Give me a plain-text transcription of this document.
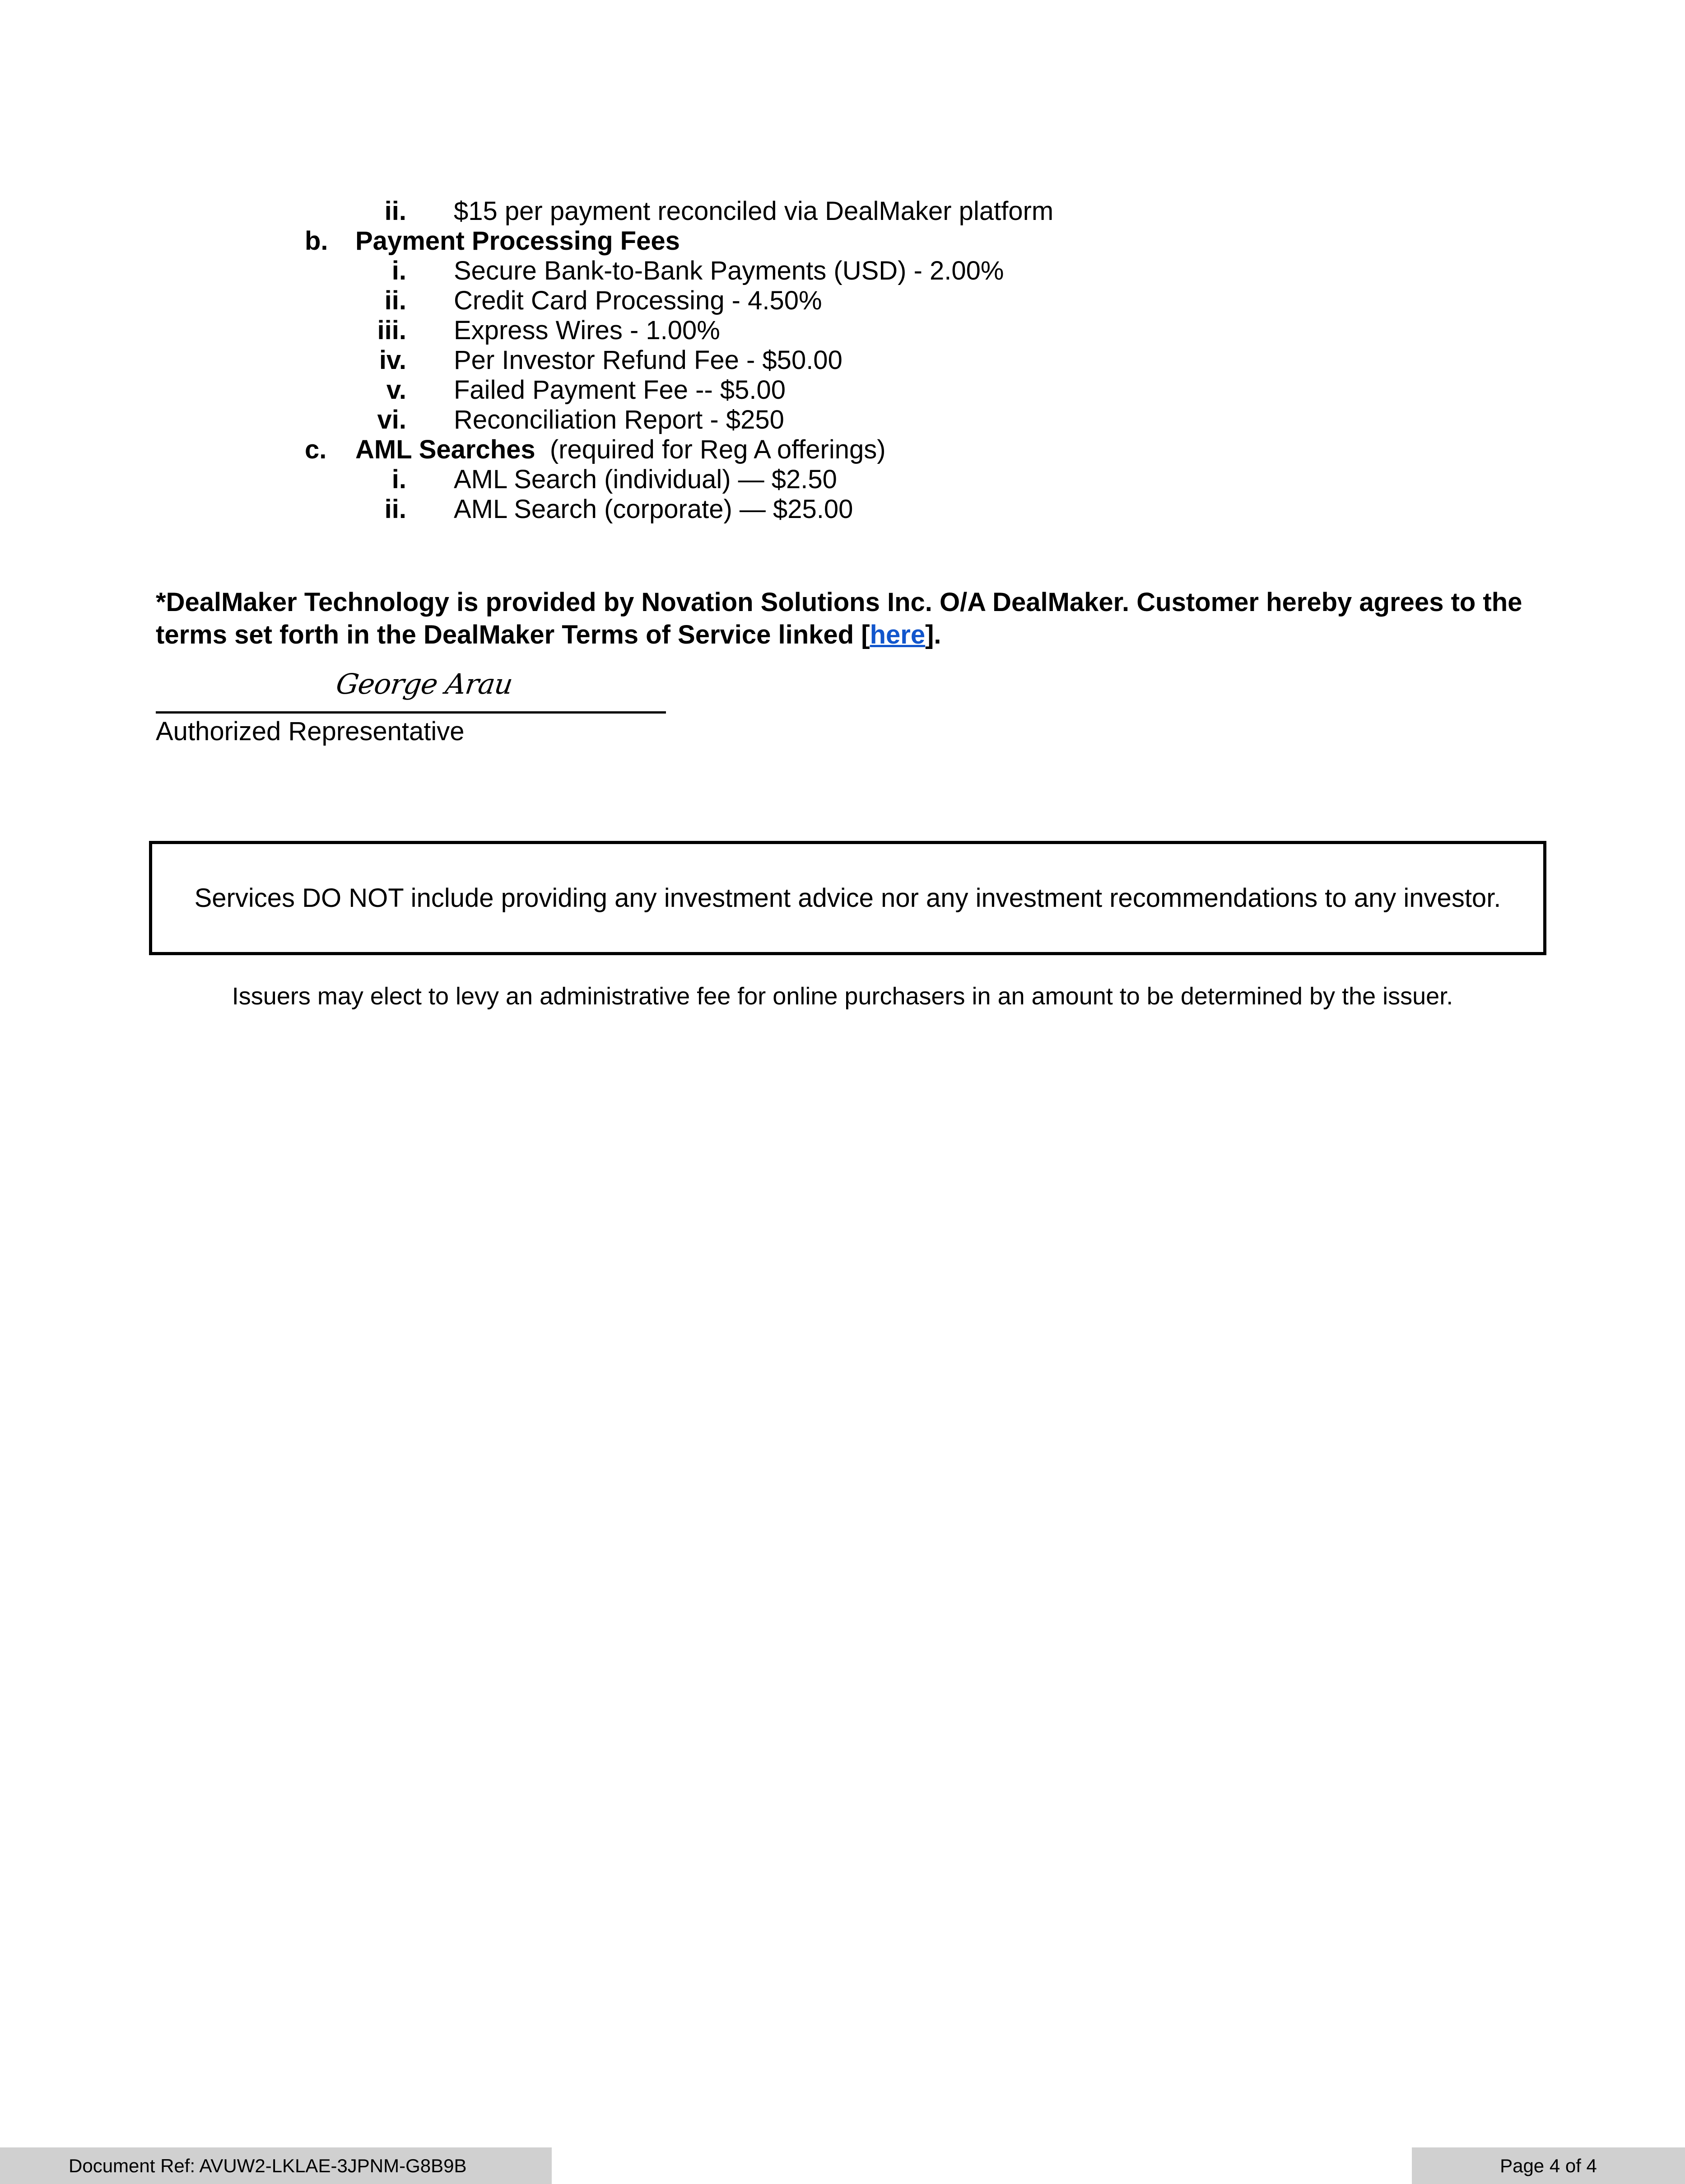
ii. $15 per payment reconciled via DealMaker platform
b. Payment Processing Fees
i. Secure Bank-to-Bank Payments (USD) - 2.00%
ii. Credit Card Processing - 4.50%
iii. Express Wires - 1.00%
iv. Per Investor Refund Fee - $50.00
v. Failed Payment Fee -- $5.00
vi. Reconciliation Report - $250
c. AML Searches (required for Reg A offerings)
i. AML Search (individual) — $2.50
ii. AML Search (corporate) — $25.00
*DealMaker Technology is provided by Novation Solutions Inc. O/A DealMaker. Customer hereby agrees to the
terms set forth in the DealMaker Terms of Service linked [here].
George Arau
Authorized Representative
Services DO NOT include providing any investment advice nor any investment recommendations to any investor.
Issuers may elect to levy an administrative fee for online purchasers in an amount to be determined by the issuer.
Document Ref: AVUW2-LKLAE-3JPNM-G8B9B	Page 4 of 4
